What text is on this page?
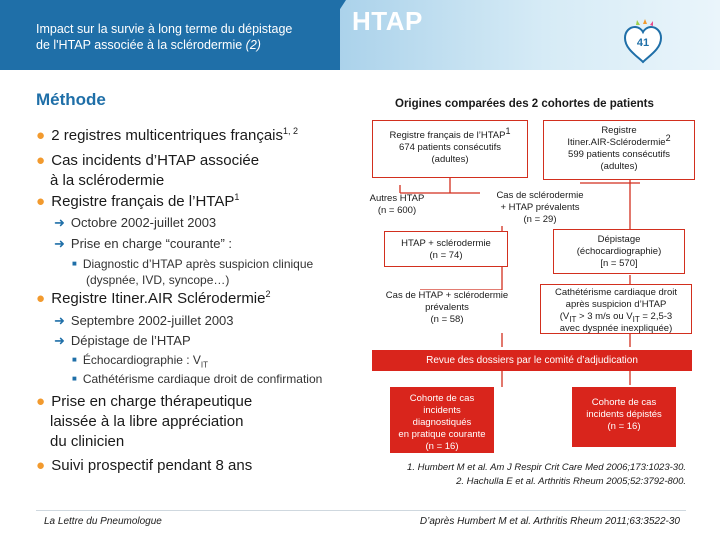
Impact sur la survie à long terme du dépistage
de l'HTAP associée à la sclérodermie (2)
HTAP
41
Méthode
● 2 registres multicentriques français$^{1, 2}$
● Cas incidents d’HTAP associée
à la sclérodermie
● Registre français de l’HTAP$^1$
➜ Octobre 2002-juillet 2003
➜ Prise en charge “courante” :
■ Diagnostic d’HTAP après suspicion clinique
(dyspnée, IVD, syncope…)
● Registre Itiner.AIR Sclérodermie$^2$
➜ Septembre 2002-juillet 2003
➜ Dépistage de l’HTAP
■ Échocardiographie : $V_{IT}$
■ Cathétérisme cardiaque droit de confirmation
● Prise en charge thérapeutique
laissée à la libre appréciation
du clinicien
● Suivi prospectif pendant 8 ans
Origines comparées des 2 cohortes de patients
Registre français de l’HTAP1
674 patients consécutifs
(adultes)
Registre
Itiner.AIR-Sclérodermie2
599 patients consécutifs
(adultes)
Autres HTAP
(n = 600)
Cas de sclérodermie
+ HTAP prévalents
(n = 29)
HTAP + sclérodermie
(n = 74)
Dépistage
(échocardiographie)
[n = 570]
Cas de HTAP + sclérodermie
prévalents
(n = 58)
Cathétérisme cardiaque droit
après suspicion d’HTAP
($V_{IT} > 3$ m/s ou $V_{IT} = 2,5-3$
avec dyspnée inexpliquée)
Revue des dossiers par le comité d’adjudication
Cohorte de cas
incidents
diagnostiqués
en pratique courante
(n = 16)
Cohorte de cas
incidents dépistés
(n = 16)
1. Humbert M et al. Am J Respir Crit Care Med 2006;173:1023-30.
2. Hachulla E et al. Arthritis Rheum 2005;52:3792-800.
La Lettre du Pneumologue	D’après Humbert M et al. Arthritis Rheum 2011;63:3522-30
